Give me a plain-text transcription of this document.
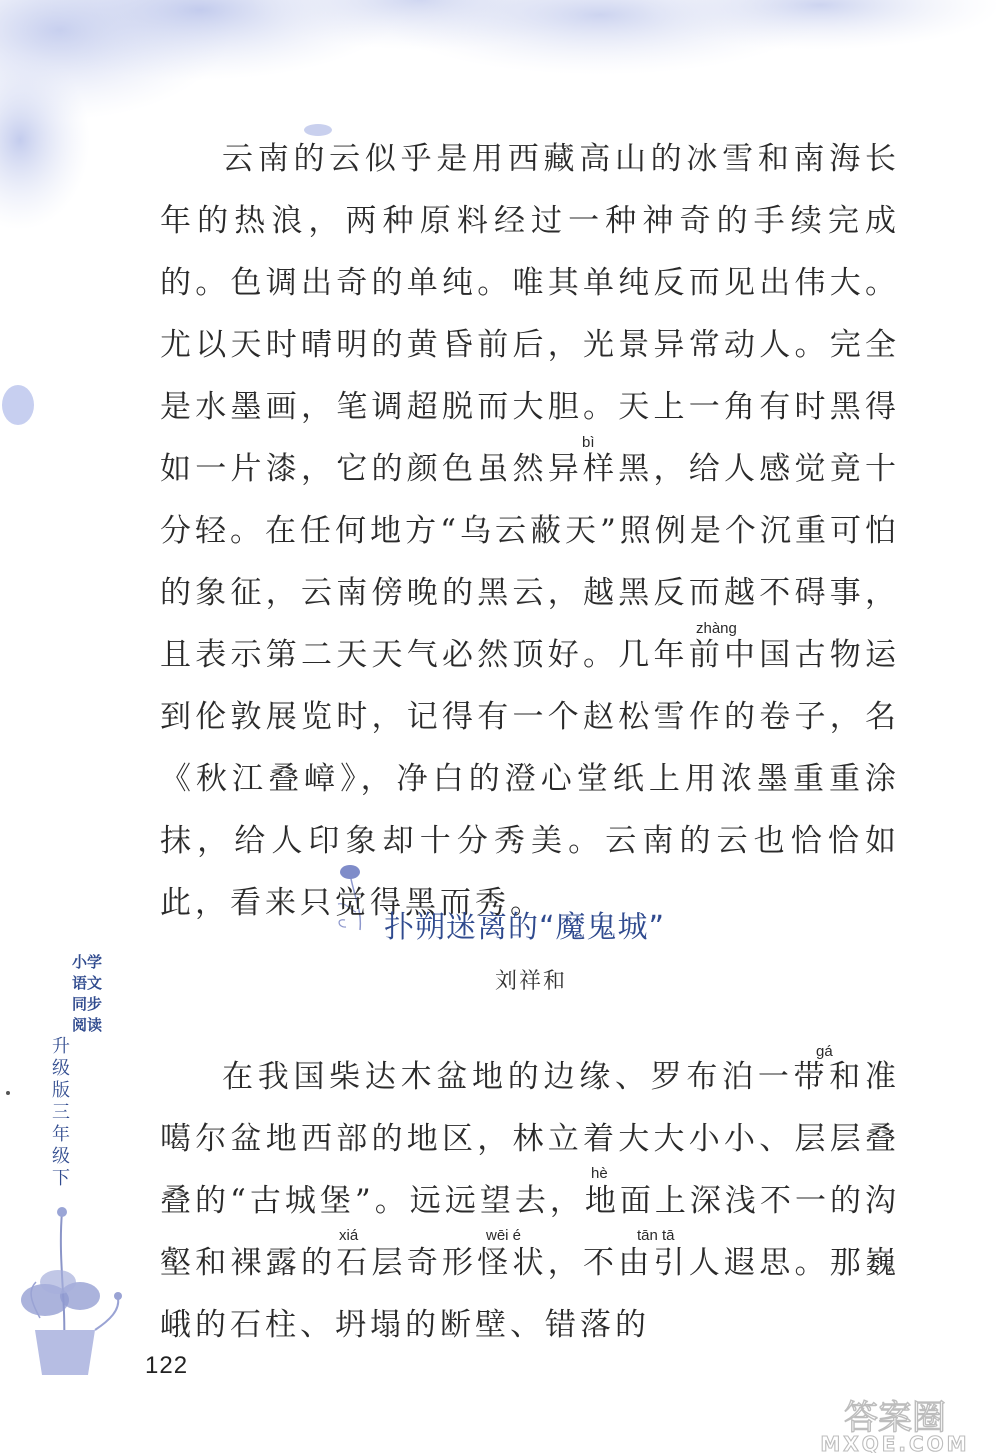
云南的云似乎是用西藏高山的冰雪和南海长年的热浪，两种原料经过一种神奇的手续完成的。色调出奇的单纯。唯其单纯反而见出伟大。尤以天时晴明的黄昏前后，光景异常动人。完全是水墨画，笔调超脱而大胆。天上一角有时黑得如一片漆，它的颜色虽然异样黑，给人感觉竟十分轻。在任何地方“乌云蔽天”照例是个沉重可怕的象征，云南傍晚的黑云，越黑反而越不碍事，且表示第二天天气必然顶好。几年前中国古物运到伦敦展览时，记得有一个赵松雪作的卷子，名《秋江叠嶂》，净白的澄心堂纸上用浓墨重重涂抹，给人印象却十分秀美。云南的云也恰恰如此，看来只觉得黑而秀。

bì
zhàng
扑朔迷离的“魔鬼城”
刘祥和

在我国柴达木盆地的边缘、罗布泊一带和准噶尔盆地西部的地区，林立着大大小小、层层叠叠的“古城堡”。远远望去，地面上深浅不一的沟壑和裸露的石层奇形怪状，不由引人遐思。那巍峨的石柱、坍塌的断壁、错落的

gá
hè
xiá	wēi é	tān tā
小学语文同步阅读
升级版 三年级下
122
答案圈
MXQE.COM
